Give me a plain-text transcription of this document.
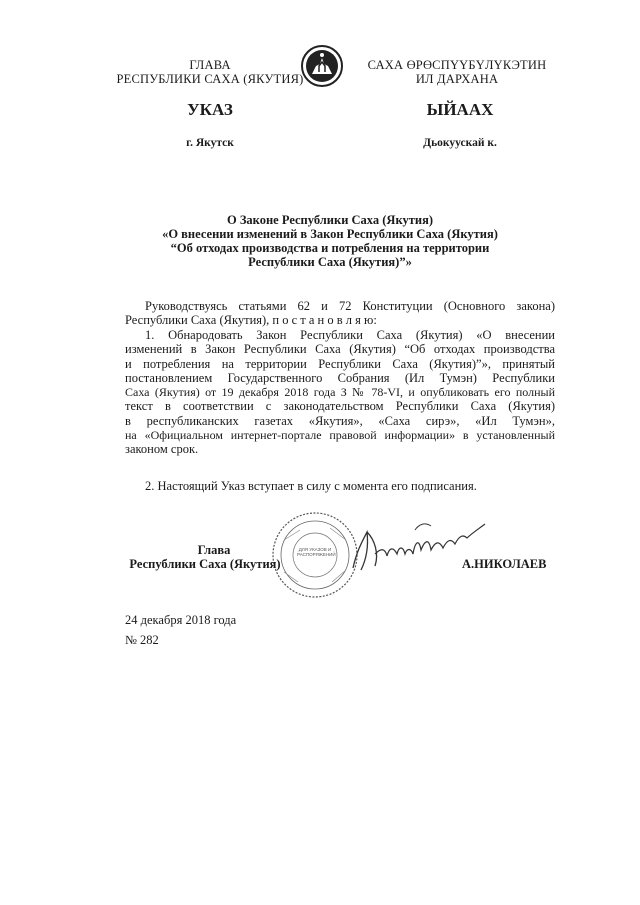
ГЛАВА
РЕСПУБЛИКИ САХА (ЯКУТИЯ)
САХА ӨРӨСПҮҮБҮЛҮКЭТИН
ИЛ ДАРХАНА
УКАЗ	ЫЙААХ
г. Якутск	Дьокуускай к.
О Законе Республики Саха (Якутия)
«О внесении изменений в Закон Республики Саха (Якутия)
“Об отходах производства и потребления на территории
Республики Саха (Якутия)”»
Руководствуясь статьями 62 и 72 Конституции (Основного закона)
Республики Саха (Якутия), п о с т а н о в л я ю:
1. Обнародовать Закон Республики Саха (Якутия) «О внесении
изменений в Закон Республики Саха (Якутия) “Об отходах производства
и потребления на территории Республики Саха (Якутия)”», принятый
постановлением Государственного Собрания (Ил Тумэн) Республики
Саха (Якутия) от 19 декабря 2018 года З № 78-VI, и опубликовать его полный
текст в соответствии с законодательством Республики Саха (Якутия)
в республиканских газетах «Якутия», «Саха сирэ», «Ил Тумэн»,
на «Официальном интернет-портале правовой информации» в установленный
законом срок.
2. Настоящий Указ вступает в силу с момента его подписания.
ДЛЯ УКАЗОВ И РАСПОРЯЖЕНИЙ
Глава
Республики Саха (Якутия)	А.НИКОЛАЕВ
24 декабря 2018 года
№ 282
